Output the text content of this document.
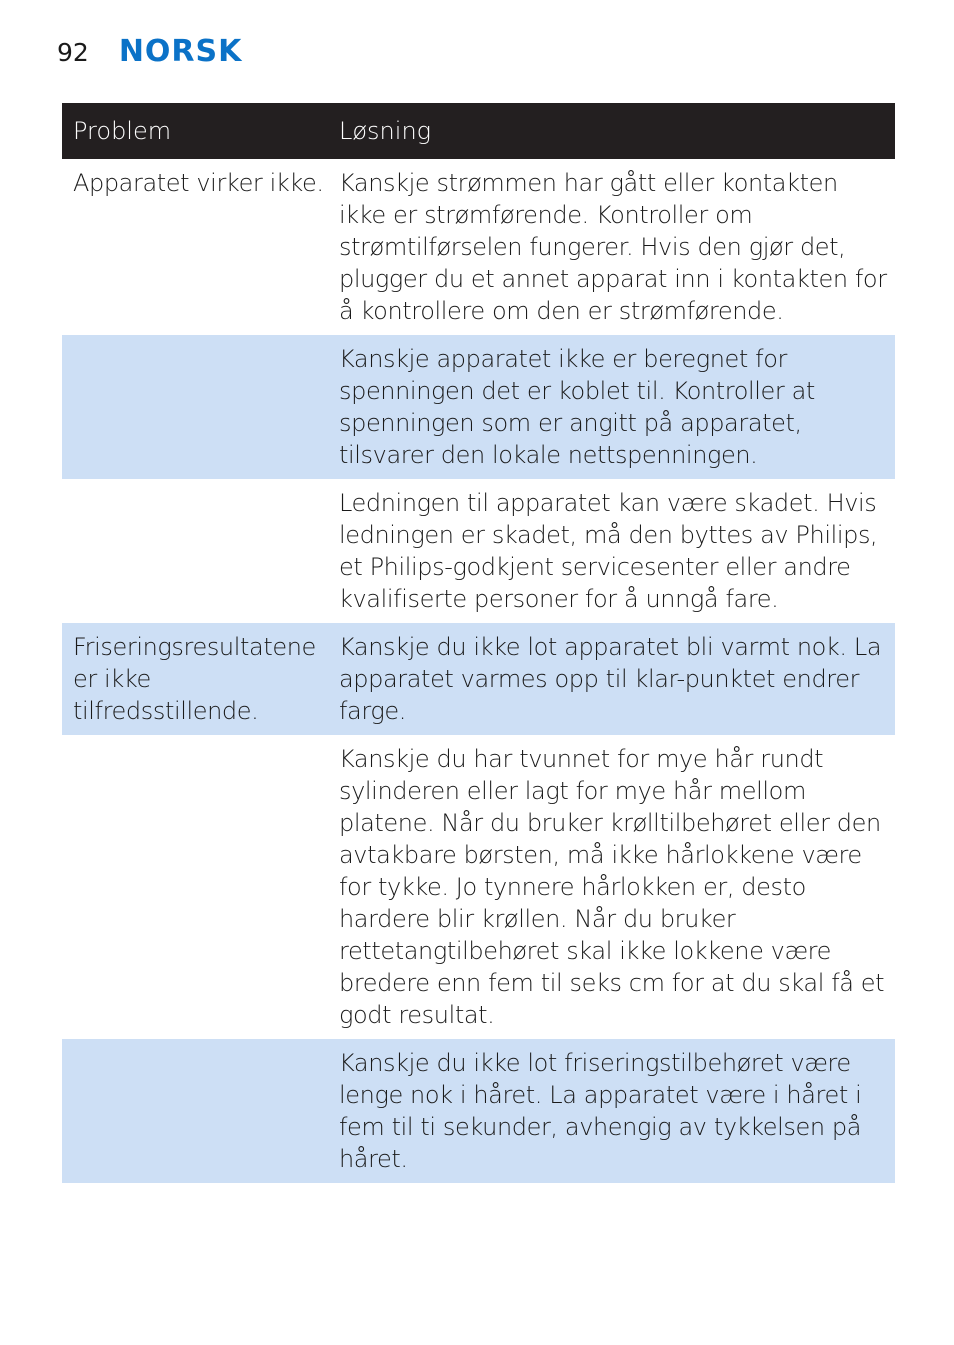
92 NORSK
Problem	Løsning
Apparatet virker ikke. Kanskje strømmen har gått eller kontakten ikke er strømførende. Kontroller om strømtilførselen fungerer. Hvis den gjør det, plugger du et annet apparat inn i kontakten for å kontrollere om den er strømførende.
Kanskje apparatet ikke er beregnet for spenningen det er koblet til. Kontroller at spenningen som er angitt på apparatet, tilsvarer den lokale nettspenningen.
Ledningen til apparatet kan være skadet. Hvis ledningen er skadet, må den byttes av Philips, et Philips-godkjent servicesenter eller andre kvalifiserte personer for å unngå fare.
Friseringsresultatene er ikke tilfredsstillende.
Kanskje du ikke lot apparatet bli varmt nok. La apparatet varmes opp til klar-punktet endrer farge.
Kanskje du har tvunnet for mye hår rundt sylinderen eller lagt for mye hår mellom platene. Når du bruker krølltilbehøret eller den avtakbare børsten, må ikke hårlokkene være for tykke. Jo tynnere hårlokken er, desto hardere blir krøllen. Når du bruker rettetangtilbehøret skal ikke lokkene være bredere enn fem til seks cm for at du skal få et godt resultat.
Kanskje du ikke lot friseringstilbehøret være lenge nok i håret. La apparatet være i håret i fem til ti sekunder, avhengig av tykkelsen på håret.
